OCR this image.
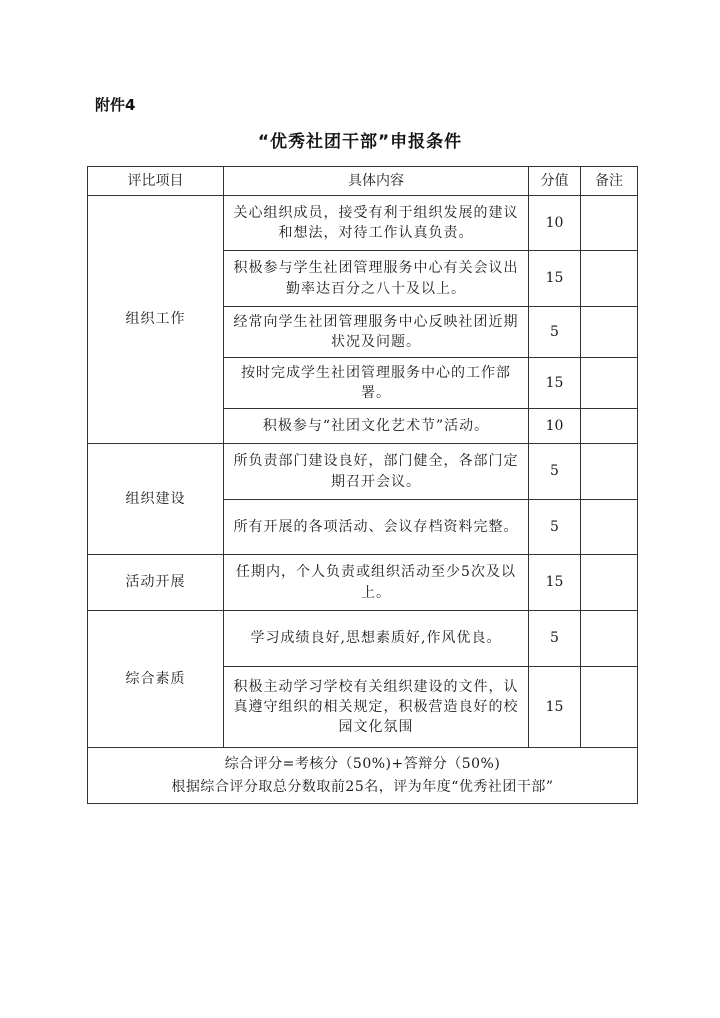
附件4
“优秀社团干部”申报条件
评比项目	具体内容	分值	备注
组织工作	关心组织成员，接受有利于组织发展的建议和想法，对待工作认真负责。	10	
	积极参与学生社团管理服务中心有关会议出勤率达百分之八十及以上。	15	
	经常向学生社团管理服务中心反映社团近期状况及问题。	5	
	按时完成学生社团管理服务中心的工作部署。	15	
	积极参与“社团文化艺术节”活动。	10	
组织建设	所负责部门建设良好，部门健全，各部门定期召开会议。	5	
	所有开展的各项活动、会议存档资料完整。	5	
活动开展	任期内，个人负责或组织活动至少5次及以上。	15	
综合素质	学习成绩良好,思想素质好,作风优良。	5	
	积极主动学习学校有关组织建设的文件，认真遵守组织的相关规定，积极营造良好的校园文化氛围	15	

综合评分=考核分（50%)+答辩分（50%)
根据综合评分取总分数取前25名，评为年度“优秀社团干部”			
